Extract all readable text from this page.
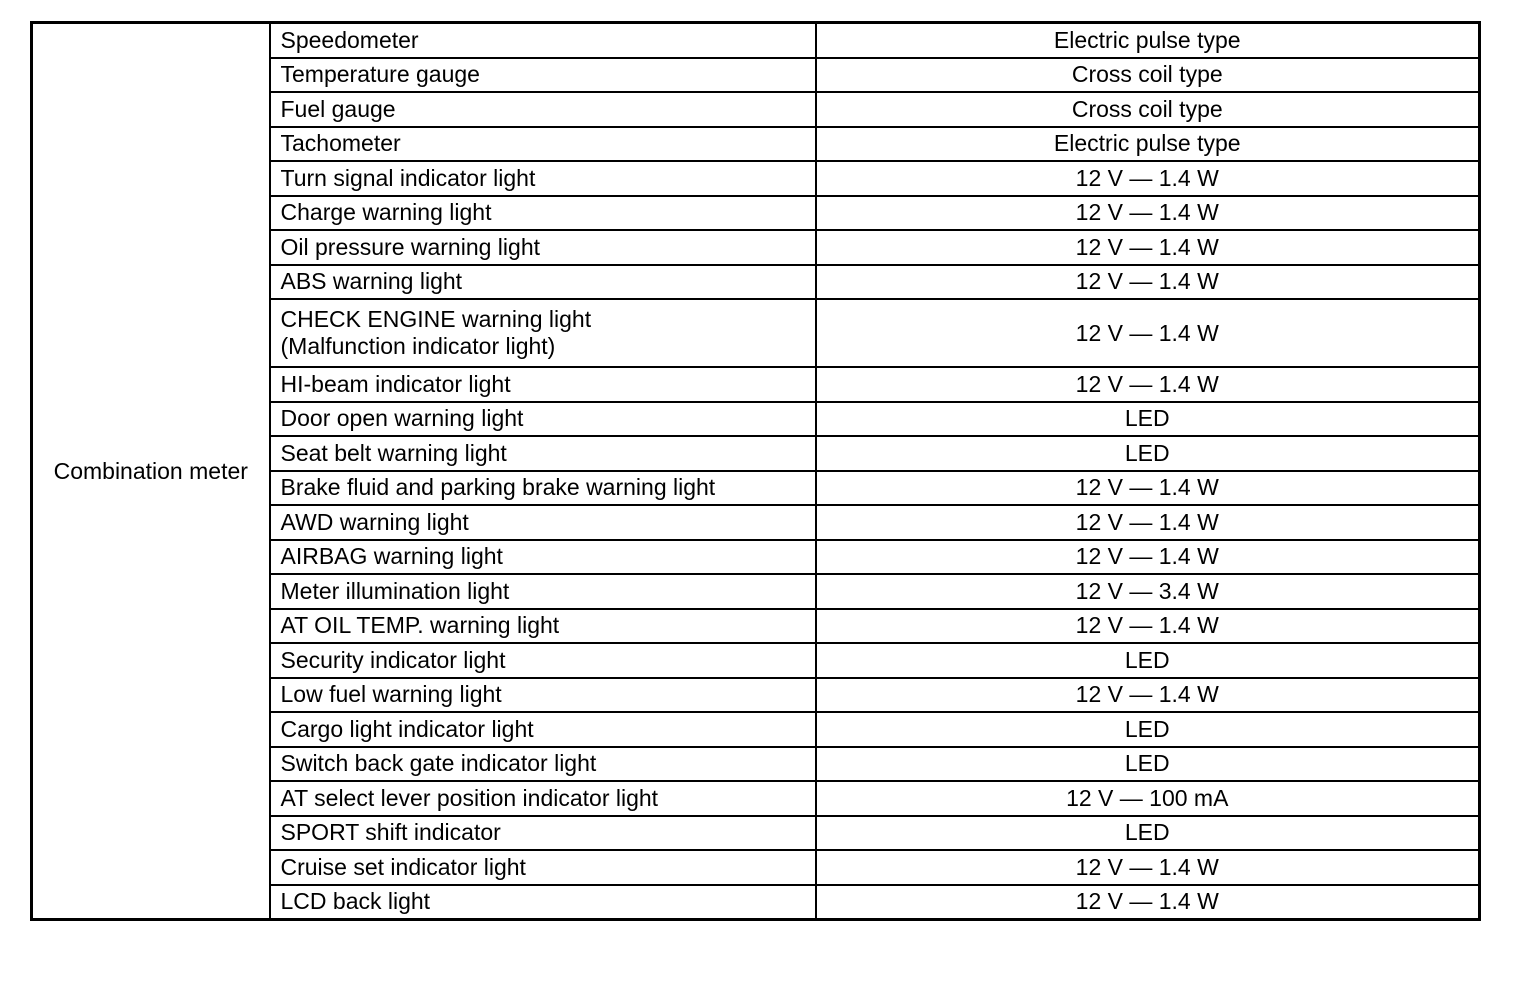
Combination meter	Speedometer	Electric pulse type

	Temperature gauge	Cross coil type

	Fuel gauge	Cross coil type

	Tachometer	Electric pulse type

	Turn signal indicator light	12 V — 1.4 W

	Charge warning light	12 V — 1.4 W

	Oil pressure warning light	12 V — 1.4 W

	ABS warning light	12 V — 1.4 W

	CHECK ENGINE warning light
(Malfunction indicator light)	12 V — 1.4 W

	HI-beam indicator light	12 V — 1.4 W

	Door open warning light	LED

	Seat belt warning light	LED

	Brake fluid and parking brake warning light	12 V — 1.4 W

	AWD warning light	12 V — 1.4 W

	AIRBAG warning light	12 V — 1.4 W

	Meter illumination light	12 V — 3.4 W

	AT OIL TEMP. warning light	12 V — 1.4 W

	Security indicator light	LED

	Low fuel warning light	12 V — 1.4 W

	Cargo light indicator light	LED

	Switch back gate indicator light	LED

	AT select lever position indicator light	12 V — 100 mA

	SPORT shift indicator	LED

	Cruise set indicator light	12 V — 1.4 W

	LCD back light	12 V — 1.4 W
